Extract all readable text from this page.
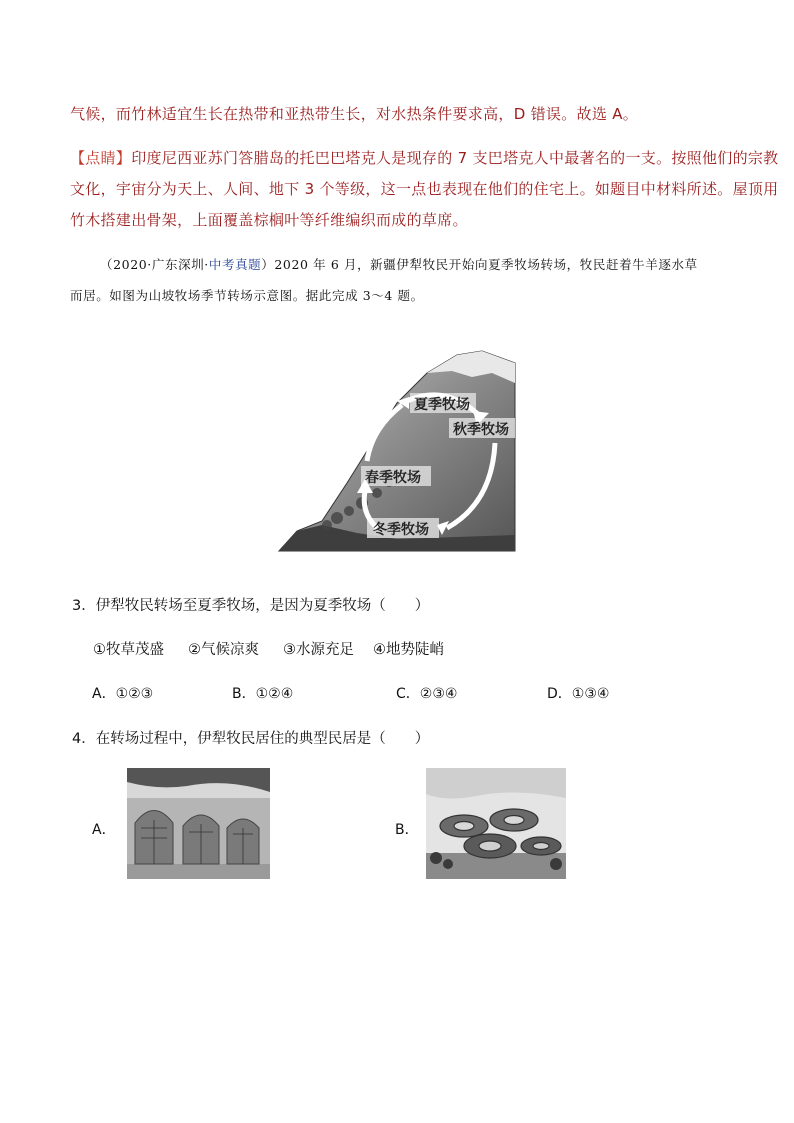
气候，而竹林适宜生长在热带和亚热带生长，对水热条件要求高，D 错误。故选 A。
【点睛】印度尼西亚苏门答腊岛的托巴巴塔克人是现存的 7 支巴塔克人中最著名的一支。按照他们的宗教
文化，宇宙分为天上、人间、地下 3 个等级，这一点也表现在他们的住宅上。如题目中材料所述。屋顶用
竹木搭建出骨架，上面覆盖棕榈叶等纤维编织而成的草席。
（2020·广东深圳·中考真题）2020 年 6 月，新疆伊犁牧民开始向夏季牧场转场，牧民赶着牛羊逐水草
而居。如图为山坡牧场季节转场示意图。据此完成 3～4 题。
夏季牧场
秋季牧场
春季牧场
冬季牧场
3．伊犁牧民转场至夏季牧场，是因为夏季牧场（　　）
①牧草茂盛 ②气候凉爽 ③水源充足 ④地势陡峭
A．①②③	B．①②④	C．②③④	D．①③④
4．在转场过程中，伊犁牧民居住的典型民居是（　　）
A．	B．
